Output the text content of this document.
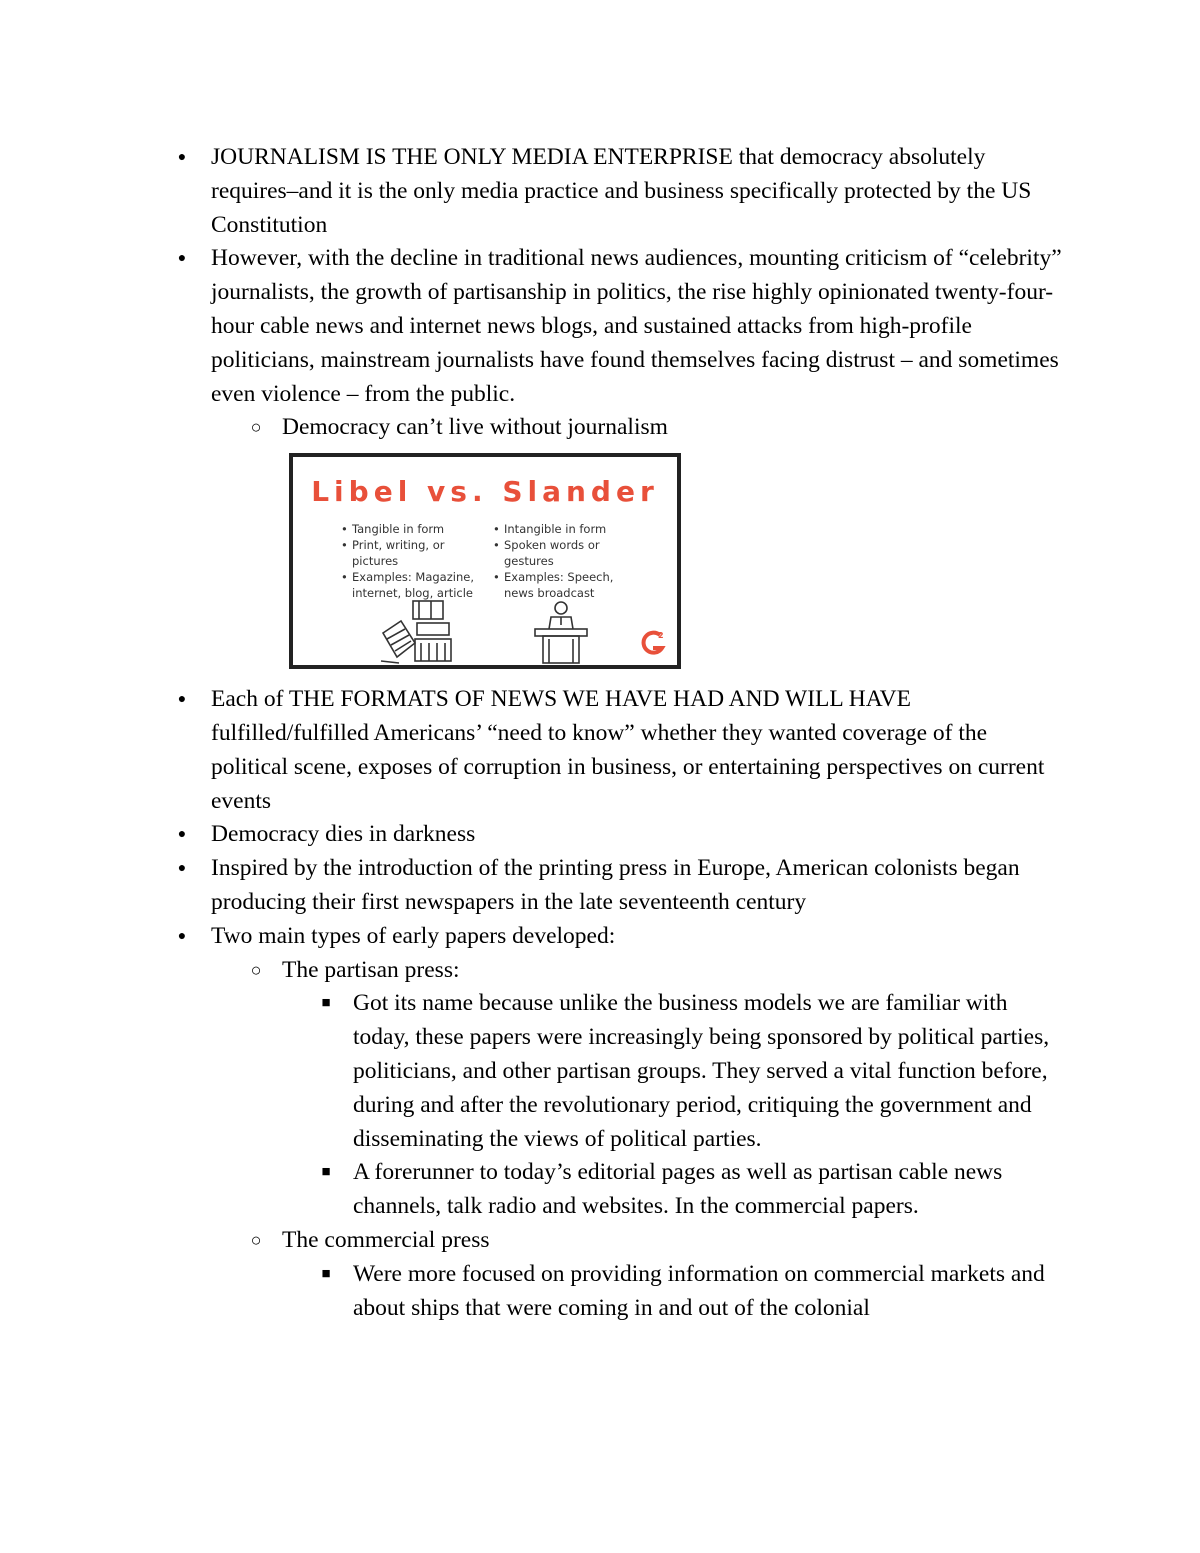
● JOURNALISM IS THE ONLY MEDIA ENTERPRISE that democracy absolutely requires–and it is the only media practice and business specifically protected by the US Constitution
● However, with the decline in traditional news audiences, mounting criticism of “celebrity” journalists, the growth of partisanship in politics, the rise highly opinionated twenty-four-hour cable news and internet news blogs, and sustained attacks from high-profile politicians, mainstream journalists have found themselves facing distrust – and sometimes even violence – from the public.
○ Democracy can’t live without journalism
Libel vs. Slander
• Tangible in form
• Print, writing, or pictures
• Examples: Magazine, internet, blog, article
• Intangible in form
• Spoken words or gestures
• Examples: Speech, news broadcast
2
● Each of THE FORMATS OF NEWS WE HAVE HAD AND WILL HAVE fulfilled/fulfilled Americans’ “need to know” whether they wanted coverage of the political scene, exposes of corruption in business, or entertaining perspectives on current events
● Democracy dies in darkness
● Inspired by the introduction of the printing press in Europe, American colonists began producing their first newspapers in the late seventeenth century
● Two main types of early papers developed:
○ The partisan press:
■ Got its name because unlike the business models we are familiar with today, these papers were increasingly being sponsored by political parties, politicians, and other partisan groups. They served a vital function before, during and after the revolutionary period, critiquing the government and disseminating the views of political parties.
■ A forerunner to today’s editorial pages as well as partisan cable news channels, talk radio and websites. In the commercial papers.
○ The commercial press
■ Were more focused on providing information on commercial markets and about ships that were coming in and out of the colonial
